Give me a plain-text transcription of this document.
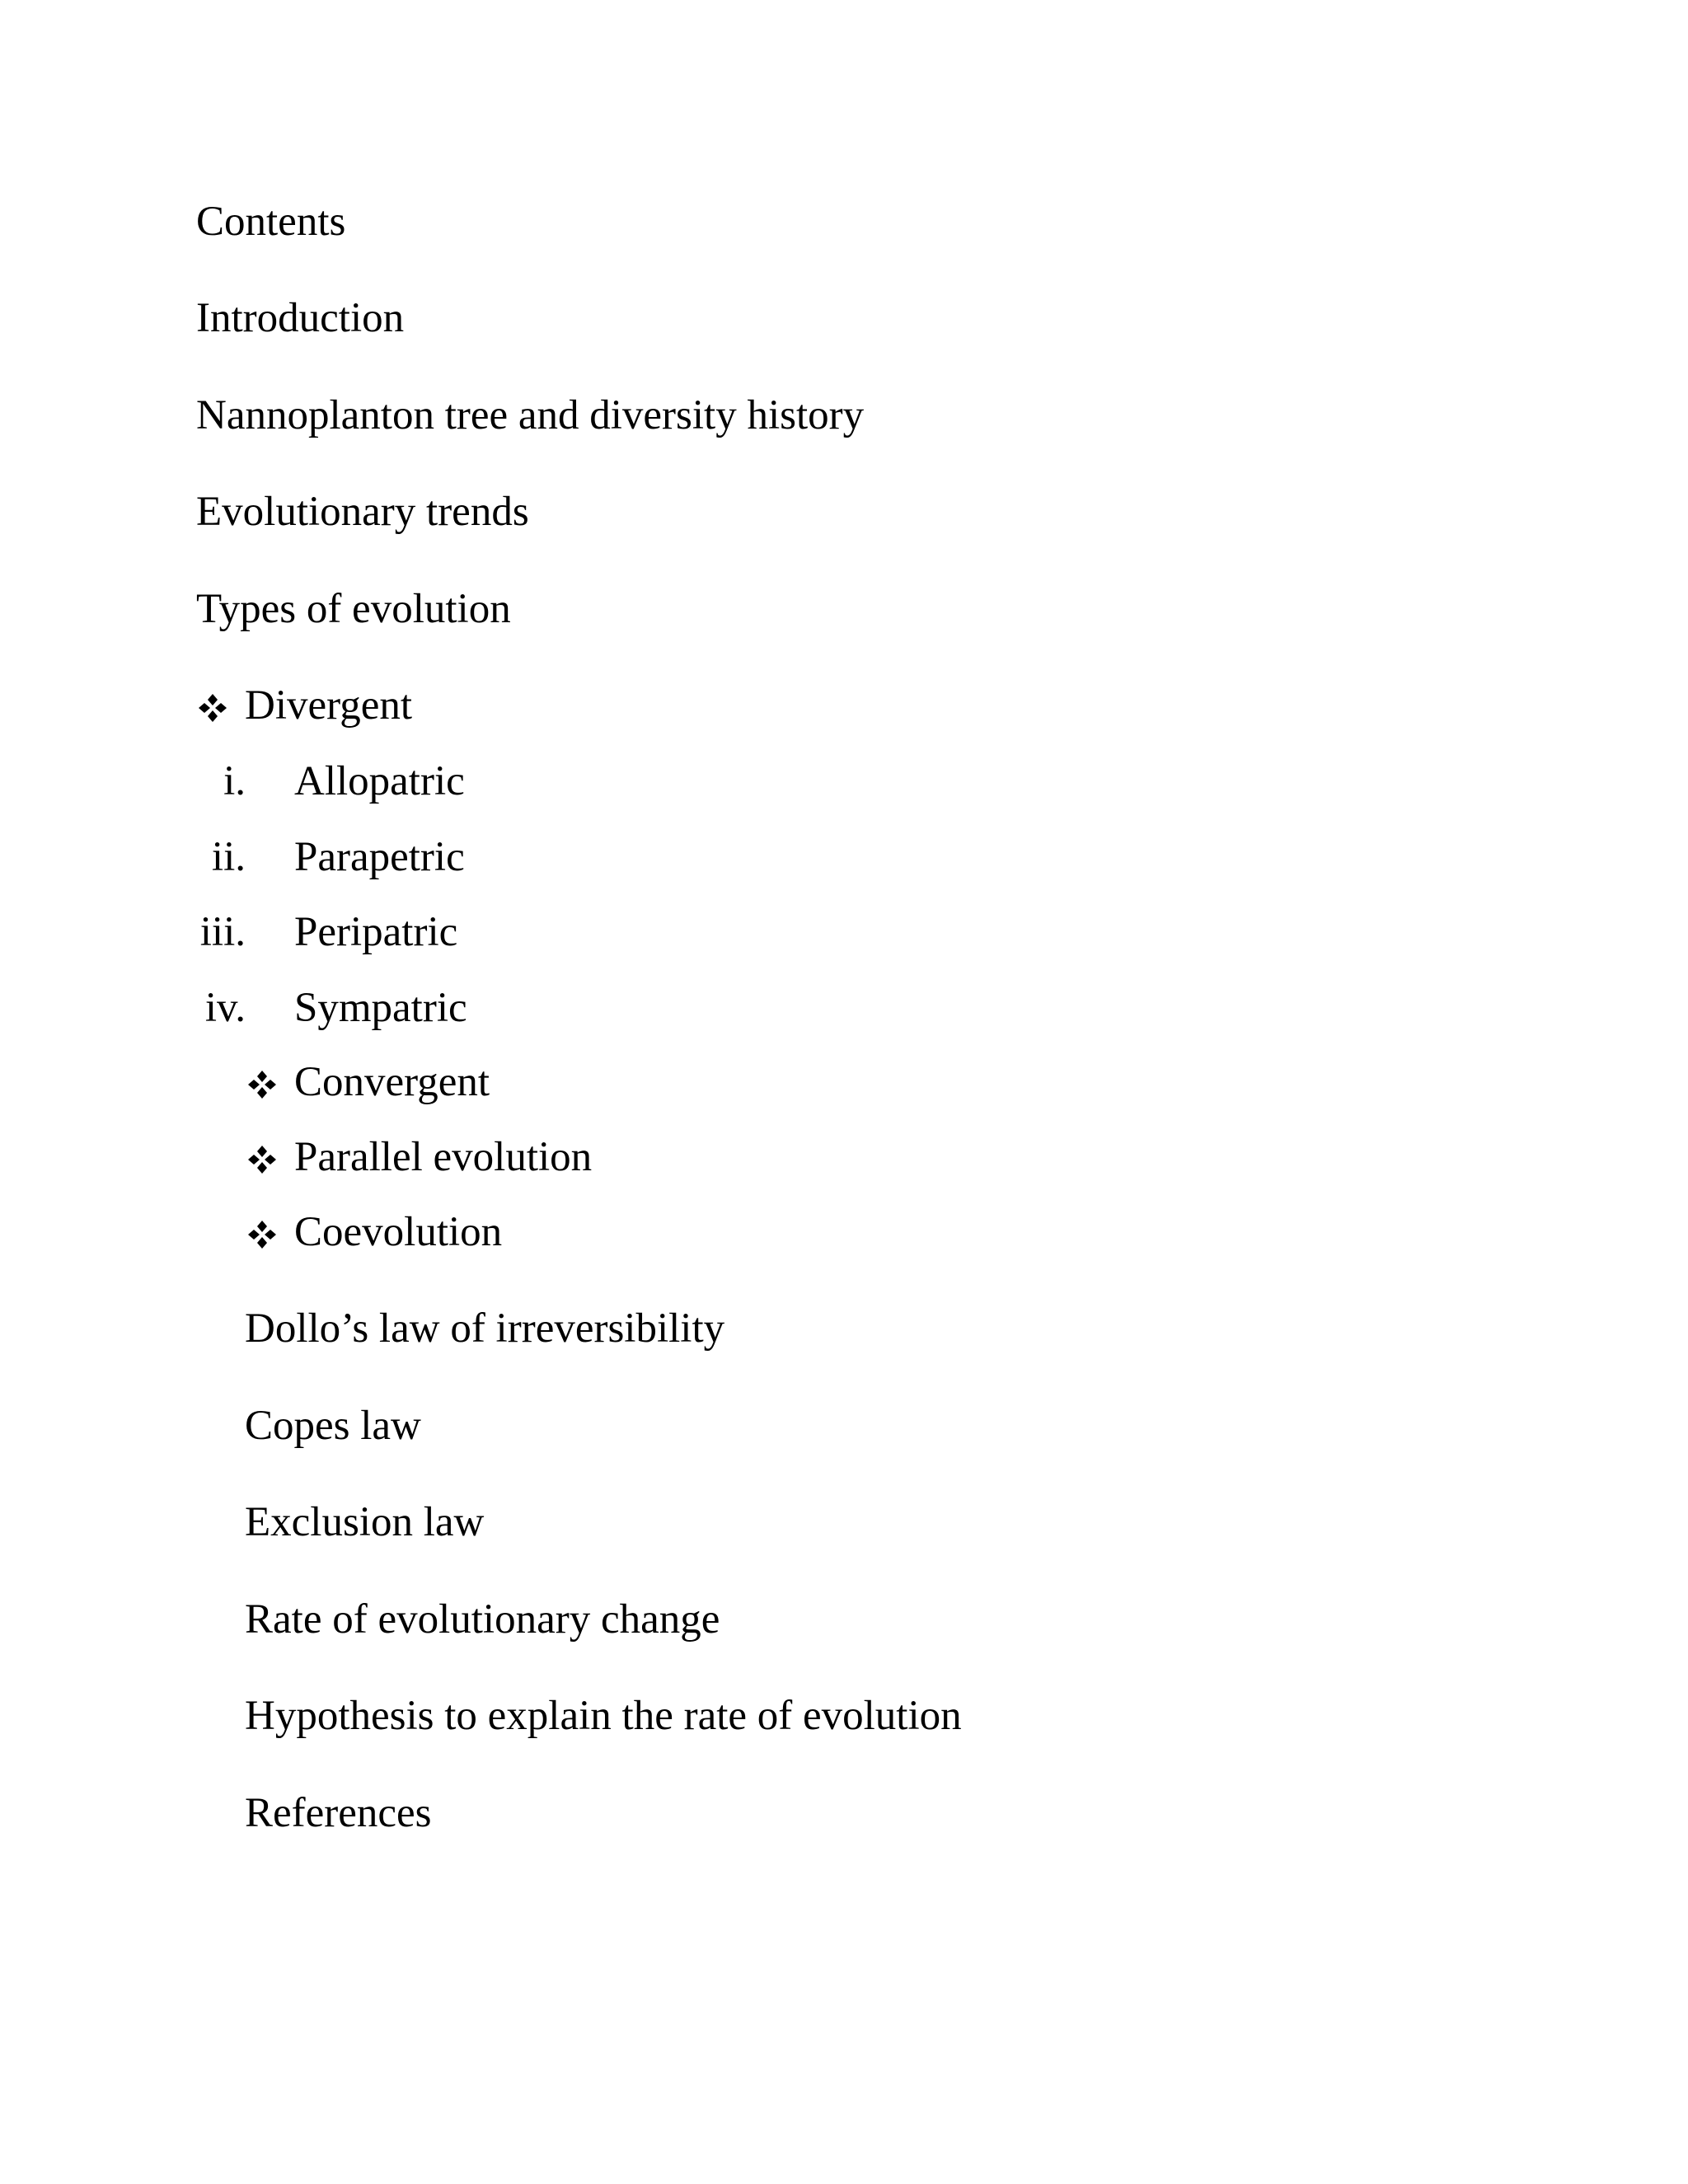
Contents
Introduction
Nannoplanton tree and diversity history
Evolutionary trends
Types of evolution
Divergent
i. Allopatric
ii. Parapetric
iii. Peripatric
iv. Sympatric
Convergent
Parallel evolution
Coevolution
Dollo’s law of irreversibility
Copes law
Exclusion law
Rate of evolutionary change
Hypothesis to explain the rate of evolution
References
